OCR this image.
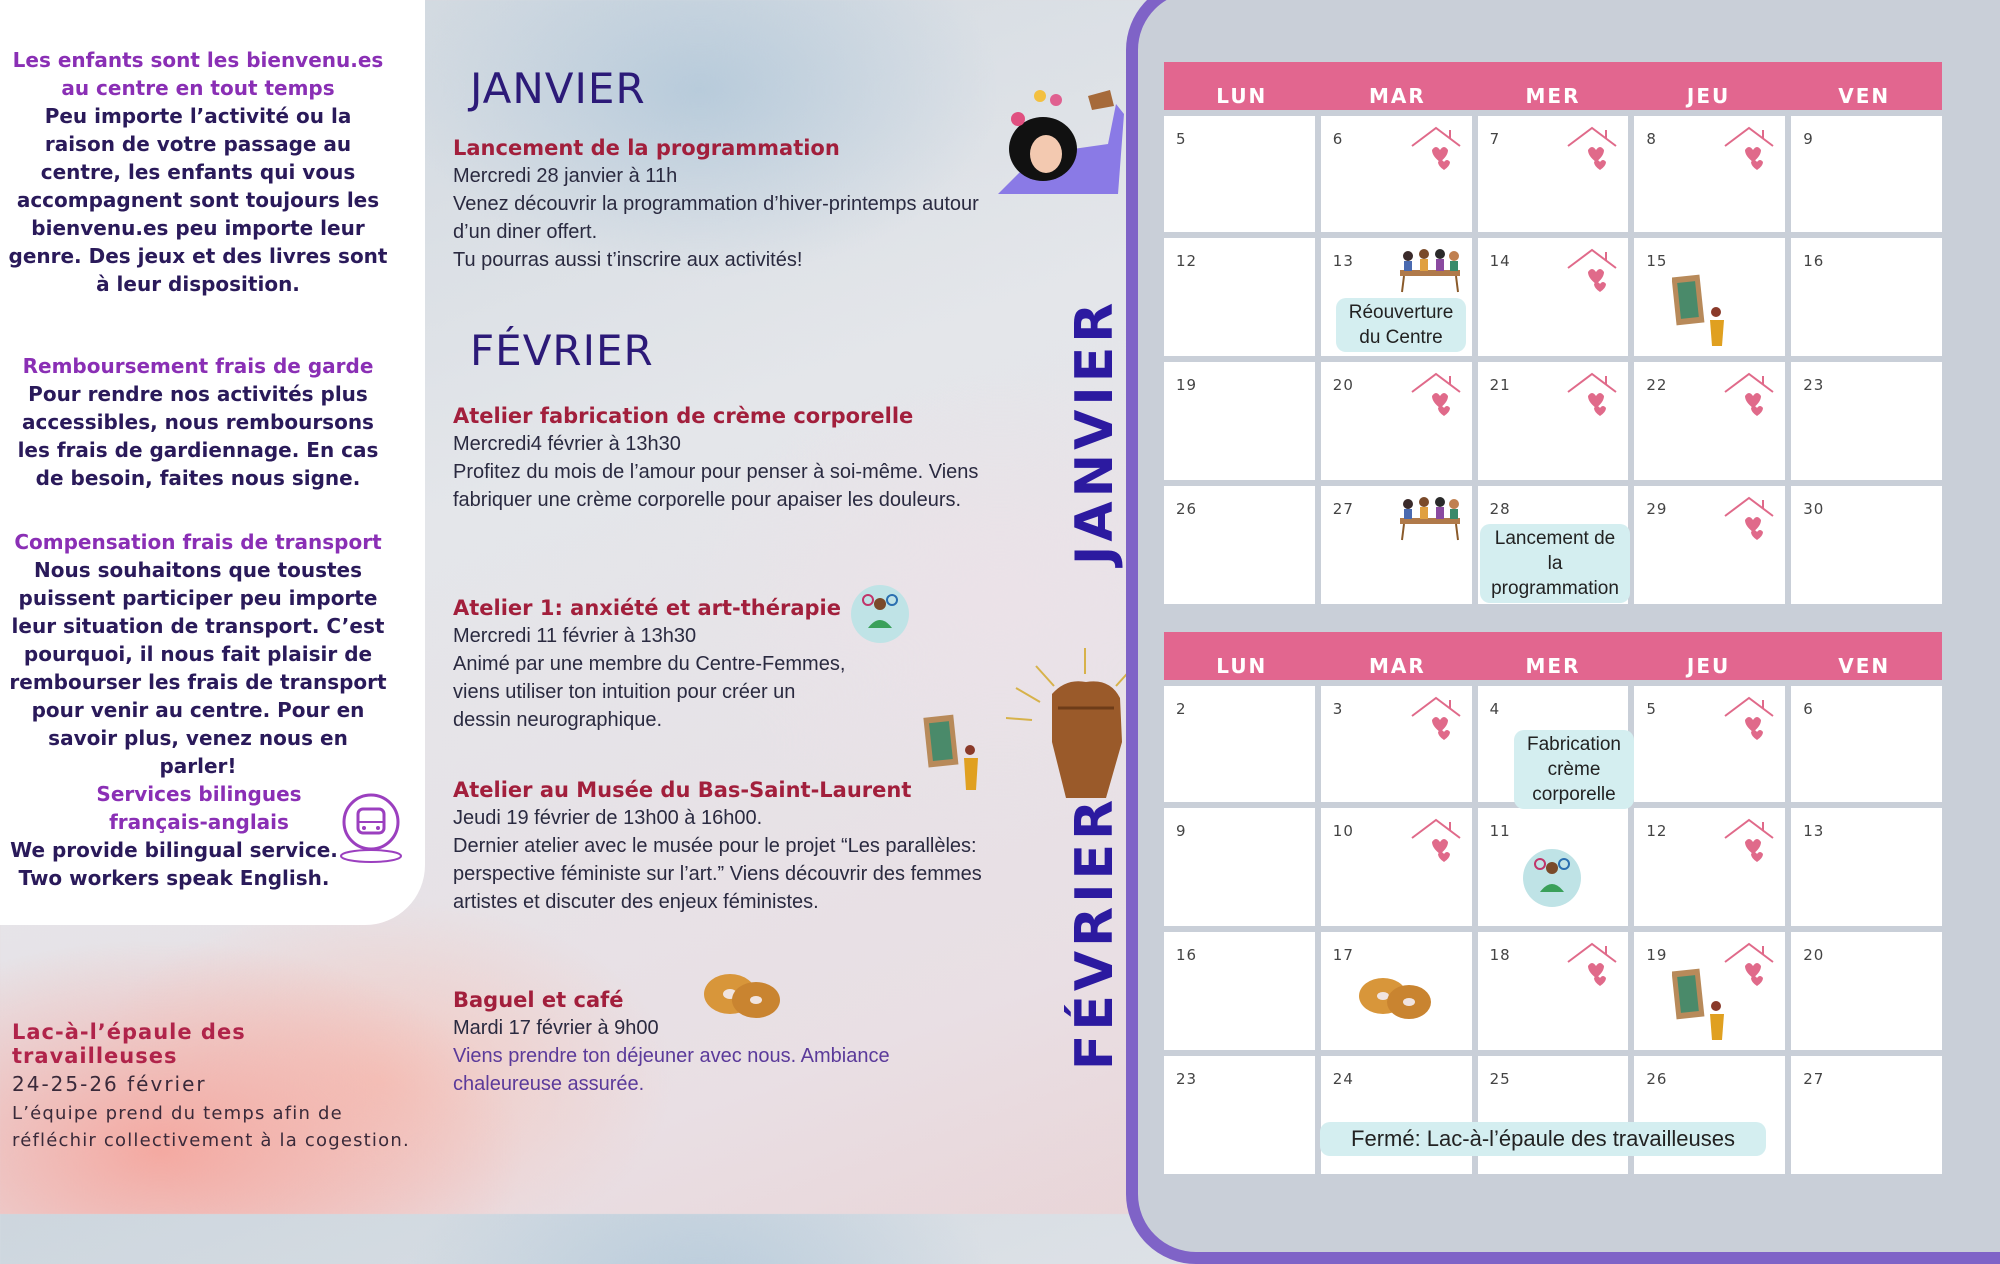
Les enfants sont les bienvenu.es au centre en tout temps
Peu importe l’activité ou la raison de votre passage au centre, les enfants qui vous accompagnent sont toujours les bienvenu.es peu importe leur genre. Des jeux et des livres sont à leur disposition.
Remboursement frais de garde
Pour rendre nos activités plus accessibles, nous remboursons les frais de gardiennage. En cas de besoin, faites nous signe.
Compensation frais de transport
Nous souhaitons que toustes puissent participer peu importe leur situation de transport. C’est pourquoi, il nous fait plaisir de rembourser les frais de transport pour venir au centre. Pour en savoir plus, venez nous en parler!
Services bilingues français-anglais
We provide bilingual service.
Two workers speak English.
Lac-à-l’épaule des travailleuses
24-25-26 février
L’équipe prend du temps afin de réfléchir collectivement à la cogestion.
JANVIER
Lancement de la programmation
Mercredi 28 janvier à 11h
Venez découvrir la programmation d’hiver-printemps autour d’un diner offert.
Tu pourras aussi t’inscrire aux activités!
FÉVRIER
Atelier fabrication de crème corporelle
Mercredi4 février à 13h30
Profitez du mois de l’amour pour penser à soi-même. Viens fabriquer une crème corporelle pour apaiser les douleurs.
Atelier 1: anxiété et art-thérapie
Mercredi 11 février à 13h30
Animé par une membre du Centre-Femmes, viens utiliser ton intuition pour créer un dessin neurographique.
Atelier au Musée du Bas-Saint-Laurent
Jeudi 19 février de 13h00 à 16h00.
Dernier atelier avec le musée pour le projet “Les parallèles: perspective féministe sur l’art.” Viens découvrir des femmes artistes et discuter des enjeux féministes.
Baguel et café
Mardi 17 février à 9h00
Viens prendre ton déjeuner avec nous. Ambiance chaleureuse assurée.
JANVIER
FÉVRIER
LUN	MAR	MER	JEU	VEN
5	6	7	8	9
12	13	14	15	16
19	20	21	22	23
26	27	28	29	30
LUN	MAR	MER	JEU	VEN
2	3	4	5	6
9	10	11	12	13
16	17	18	19	20
23	24	25	26	27
Réouverture du Centre
Lancement de la programmation
Fabrication crème corporelle
Fermé: Lac-à-l’épaule des travailleuses
